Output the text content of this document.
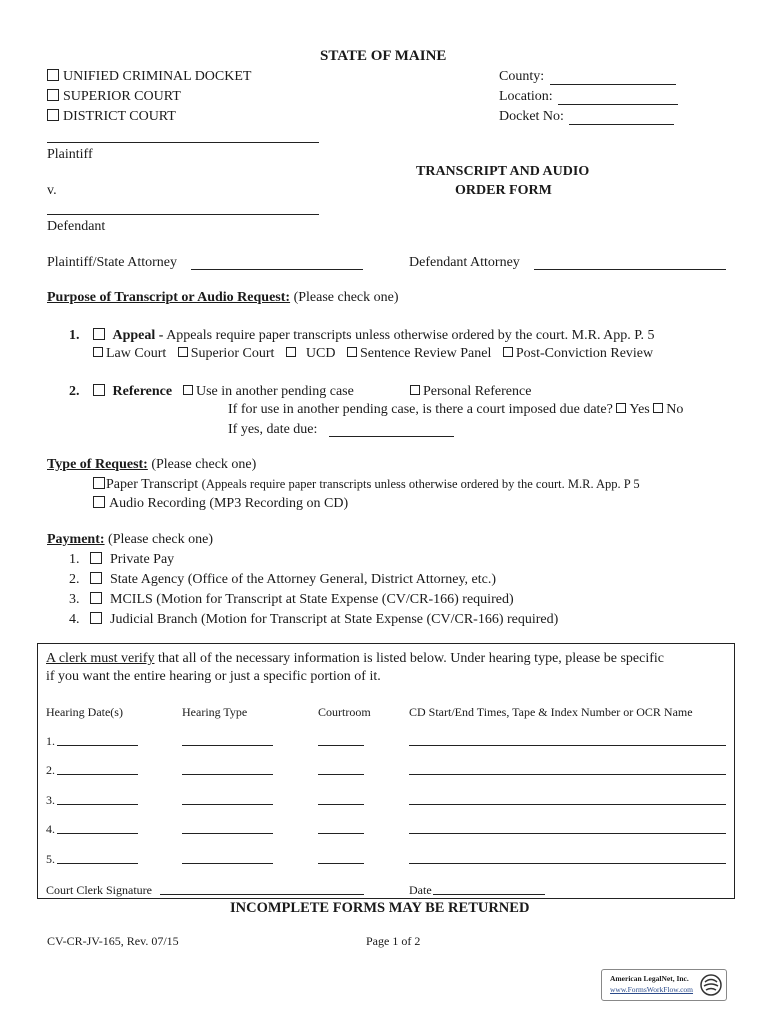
STATE OF MAINE
UNIFIED CRIMINAL DOCKET
SUPERIOR COURT
DISTRICT COURT
County:
Location:
Docket No:
Plaintiff
v.
Defendant
TRANSCRIPT AND AUDIO
ORDER FORM
Plaintiff/State Attorney	Defendant Attorney
Purpose of Transcript or Audio Request: (Please check one)
1.	Appeal - Appeals require paper transcripts unless otherwise ordered by the court. M.R. App. P. 5
Law Court Superior Court UCD Sentence Review Panel Post-Conviction Review
2.	Reference	Use in another pending case	Personal Reference
If for use in another pending case, is there a court imposed due date? Yes No
If yes, date due:
Type of Request: (Please check one)
Paper Transcript (Appeals require paper transcripts unless otherwise ordered by the court. M.R. App. P 5
Audio Recording (MP3 Recording on CD)
Payment: (Please check one)
1. Private Pay
2. State Agency (Office of the Attorney General, District Attorney, etc.)
3. MCILS (Motion for Transcript at State Expense (CV/CR-166) required)
4. Judicial Branch (Motion for Transcript at State Expense (CV/CR-166) required)
A clerk must verify that all of the necessary information is listed below. Under hearing type, please be specific
if you want the entire hearing or just a specific portion of it.
Hearing Date(s)	Hearing Type	Courtroom	CD Start/End Times, Tape & Index Number or OCR Name
1.
2.
3.
4.
5.
Court Clerk Signature	Date
INCOMPLETE FORMS MAY BE RETURNED
CV-CR-JV-165, Rev. 07/15	Page 1 of 2
American LegalNet, Inc.
www.FormsWorkFlow.com
